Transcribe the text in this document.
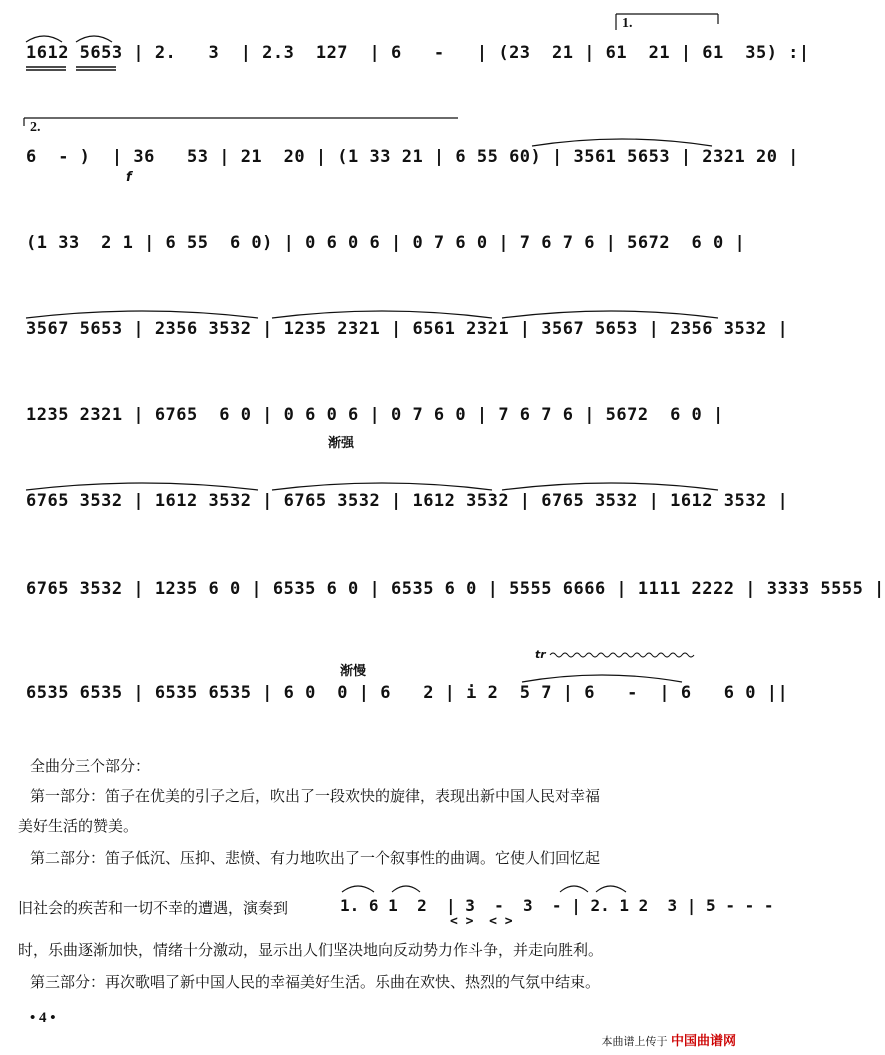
1612 5653 | 2.   3  | 2.3  127  | 6   -   | (23  21 | 61  21 | 61  35) :|
1.
2.
6  - )  | 36   53 | 21  20 | (1 33 21 | 6 55 60) | 3561 5653 | 2321 20 |
f
(1 33  2 1 | 6 55  6 0) | 0 6 0 6 | 0 7 6 0 | 7 6 7 6 | 5672  6 0 |
3567 5653 | 2356 3532 | 1235 2321 | 6561 2321 | 3567 5653 | 2356 3532 |
1235 2321 | 6765  6 0 | 0 6 0 6 | 0 7 6 0 | 7 6 7 6 | 5672  6 0 |
渐强
6765 3532 | 1612 3532 | 6765 3532 | 1612 3532 | 6765 3532 | 1612 3532 |
6765 3532 | 1235 6 0 | 6535 6 0 | 6535 6 0 | 5555 6666 | 1111 2222 | 3333 5555 |
渐慢
tr
6535 6535 | 6535 6535 | 6 0  0 | 6   2 | i 2  5 7 | 6   -  | 6   6 0 ||
全曲分三个部分：
第一部分：笛子在优美的引子之后，吹出了一段欢快的旋律，表现出新中国人民对幸福
美好生活的赞美。
第二部分：笛子低沉、压抑、悲愤、有力地吹出了一个叙事性的曲调。它使人们回忆起
旧社会的疾苦和一切不幸的遭遇，演奏到	1. 6 1  2  | 3  -  3  - | 2. 1 2  3 | 5 - - -
< >  < >
时，乐曲逐渐加快，情绪十分激动，显示出人们坚决地向反动势力作斗争，并走向胜利。
第三部分：再次歌唱了新中国人民的幸福美好生活。乐曲在欢快、热烈的气氛中结束。
• 4 •
本曲谱上传于 中国曲谱网
